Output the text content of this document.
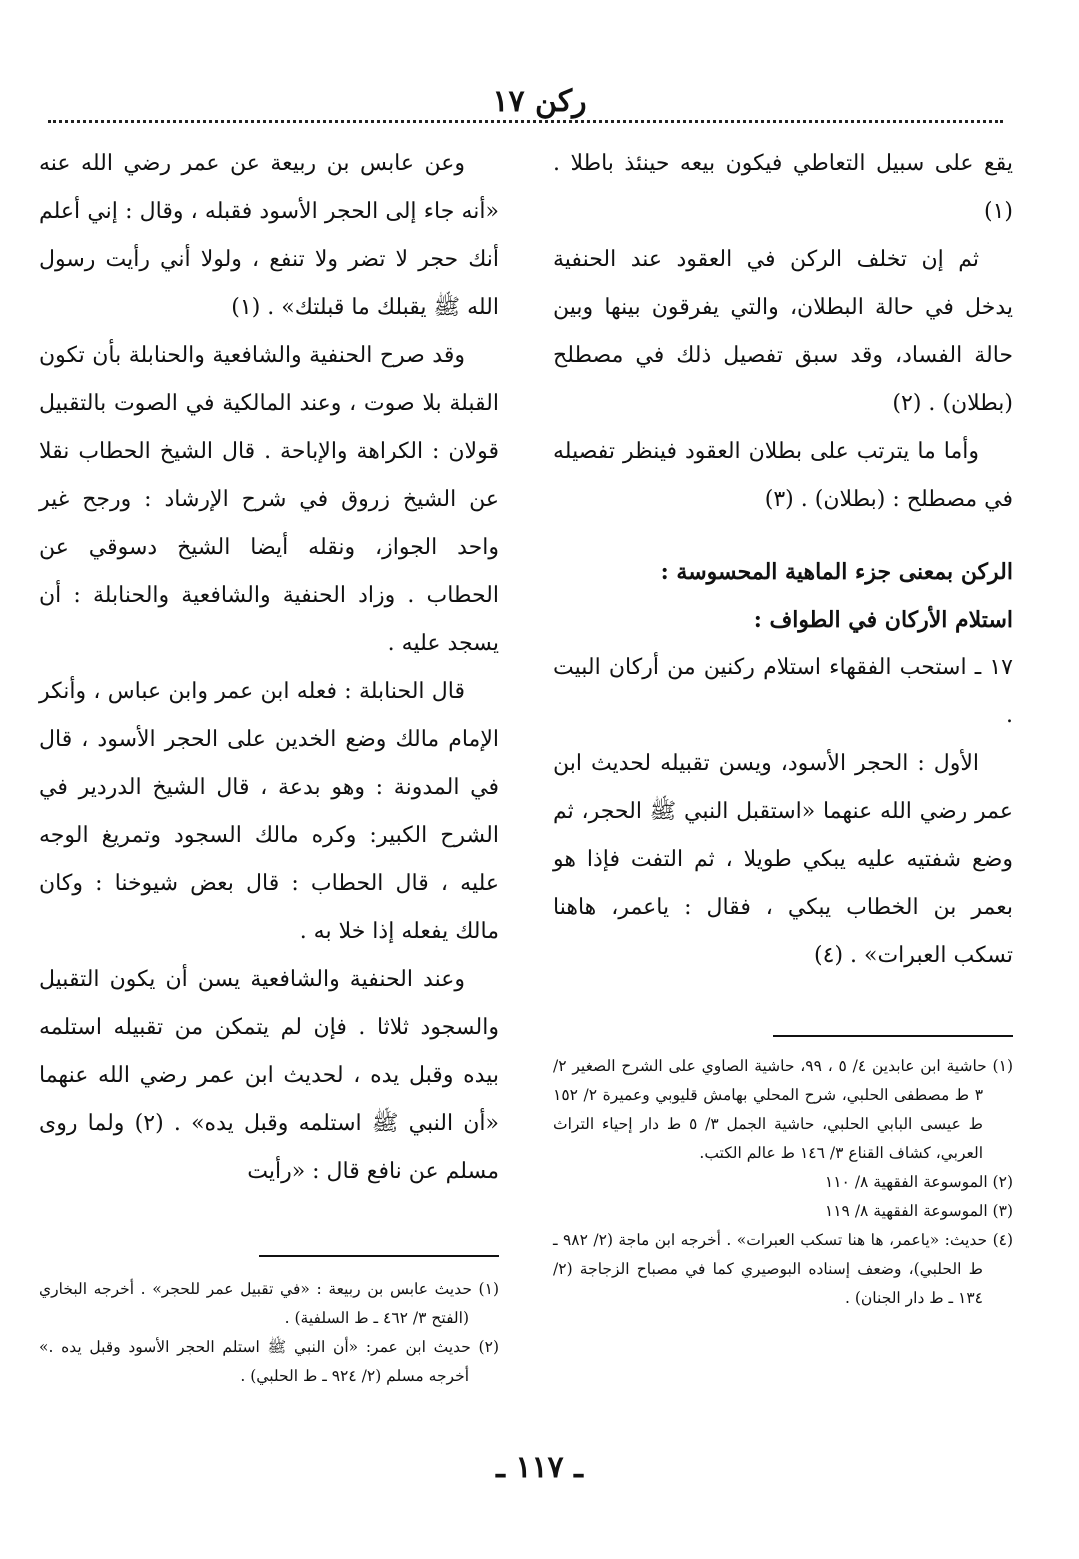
ركن ١٧

يقع على سبيل التعاطي فيكون بيعه حينئذ باطلا . (١)

ثم إن تخلف الركن في العقود عند الحنفية يدخل في حالة البطلان، والتي يفرقون بينها وبين حالة الفساد، وقد سبق تفصيل ذلك في مصطلح (بطلان) . (٢)

وأما ما يترتب على بطلان العقود فينظر تفصيله في مصطلح : (بطلان) . (٣)

الركن بمعنى جزء الماهية المحسوسة :

استلام الأركان في الطواف :

١٧ ـ استحب الفقهاء استلام ركنين من أركان البيت .

الأول : الحجر الأسود، ويسن تقبيله لحديث ابن عمر رضي الله عنهما «استقبل النبي ﷺ الحجر، ثم وضع شفتيه عليه يبكي طويلا ، ثم التفت فإذا هو بعمر بن الخطاب يبكي ، فقال : ياعمر، هاهنا تسكب العبرات» . (٤)

وعن عابس بن ربيعة عن عمر رضي الله عنه «أنه جاء إلى الحجر الأسود فقبله ، وقال : إني أعلم أنك حجر لا تضر ولا تنفع ، ولولا أني رأيت رسول الله ﷺ يقبلك ما قبلتك» . (١)

وقد صرح الحنفية والشافعية والحنابلة بأن تكون القبلة بلا صوت ، وعند المالكية في الصوت بالتقبيل قولان : الكراهة والإباحة . قال الشيخ الحطاب نقلا عن الشيخ زروق في شرح الإرشاد : ورجح غير واحد الجواز، ونقله أيضا الشيخ دسوقي عن الحطاب . وزاد الحنفية والشافعية والحنابلة : أن يسجد عليه .

قال الحنابلة : فعله ابن عمر وابن عباس ، وأنكر الإمام مالك وضع الخدين على الحجر الأسود ، قال في المدونة : وهو بدعة ، قال الشيخ الدردير في الشرح الكبير: وكره مالك السجود وتمريغ الوجه عليه ، قال الحطاب : قال بعض شيوخنا : وكان مالك يفعله إذا خلا به .

وعند الحنفية والشافعية يسن أن يكون التقبيل والسجود ثلاثا . فإن لم يتمكن من تقبيله استلمه بيده وقبل يده ، لحديث ابن عمر رضي الله عنهما «أن النبي ﷺ استلمه وقبل يده» . (٢) ولما روى مسلم عن نافع قال : «رأيت

(١) حاشية ابن عابدين ٤/ ٥ ، ٩٩، حاشية الصاوي على الشرح الصغير ٢/ ٣ ط مصطفى الحلبي، شرح المحلي بهامش قليوبي وعميرة ٢/ ١٥٢ ط عيسى البابي الحلبي، حاشية الجمل ٣/ ٥ ط دار إحياء التراث العربي، كشاف القناع ٣/ ١٤٦ ط عالم الكتب.

(٢) الموسوعة الفقهية ٨/ ١١٠

(٣) الموسوعة الفقهية ٨/ ١١٩

(٤) حديث: «ياعمر، ها هنا تسكب العبرات» . أخرجه ابن ماجة (٢/ ٩٨٢ ـ ط الحلبي)، وضعف إسناده البوصيري كما في مصباح الزجاجة (٢/ ١٣٤ ـ ط دار الجنان) .

(١) حديث عابس بن ربيعة : «في تقبيل عمر للحجر» . أخرجه البخاري (الفتح ٣/ ٤٦٢ ـ ط السلفية) .

(٢) حديث ابن عمر: «أن النبي ﷺ استلم الحجر الأسود وقبل يده .» أخرجه مسلم (٢/ ٩٢٤ ـ ط الحلبي) .

ـ ١١٧ ـ
